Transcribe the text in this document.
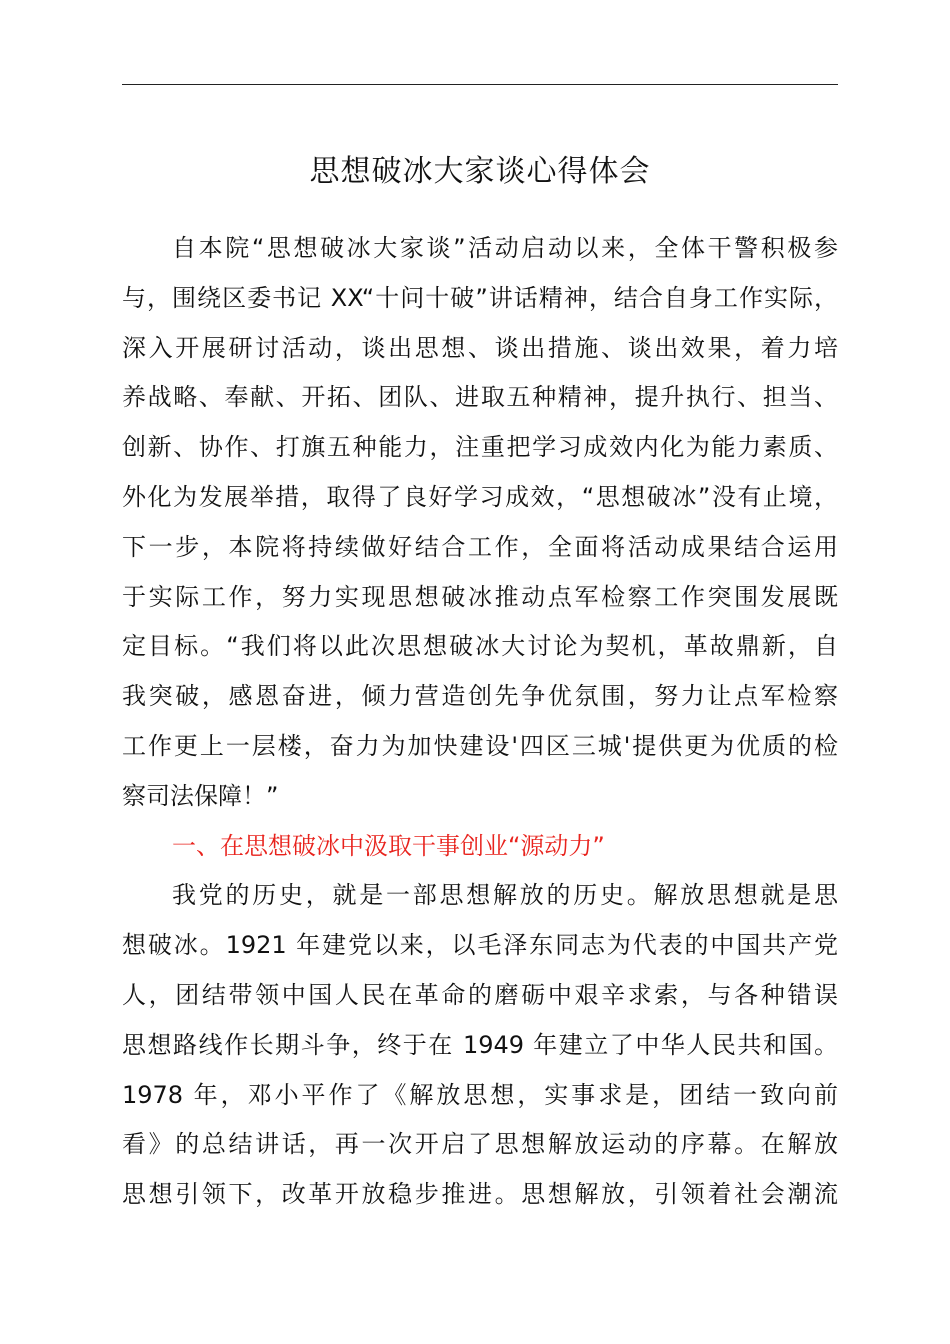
思想破冰大家谈心得体会
自本院“思想破冰大家谈”活动启动以来，全体干警积极参
与，围绕区委书记 XX“十问十破”讲话精神，结合自身工作实际，
深入开展研讨活动，谈出思想、谈出措施、谈出效果，着力培
养战略、奉献、开拓、团队、进取五种精神，提升执行、担当、
创新、协作、打旗五种能力，注重把学习成效内化为能力素质、
外化为发展举措，取得了良好学习成效，“思想破冰”没有止境，
下一步，本院将持续做好结合工作，全面将活动成果结合运用
于实际工作，努力实现思想破冰推动点军检察工作突围发展既
定目标。“我们将以此次思想破冰大讨论为契机，革故鼎新，自
我突破，感恩奋进，倾力营造创先争优氛围，努力让点军检察
工作更上一层楼，奋力为加快建设'四区三城'提供更为优质的检
察司法保障！”
一、在思想破冰中汲取干事创业“源动力”
我党的历史，就是一部思想解放的历史。解放思想就是思
想破冰。1921 年建党以来，以毛泽东同志为代表的中国共产党
人，团结带领中国人民在革命的磨砺中艰辛求索，与各种错误
思想路线作长期斗争，终于在 1949 年建立了中华人民共和国。
1978 年，邓小平作了《解放思想，实事求是，团结一致向前
看》的总结讲话，再一次开启了思想解放运动的序幕。在解放
思想引领下，改革开放稳步推进。思想解放，引领着社会潮流
